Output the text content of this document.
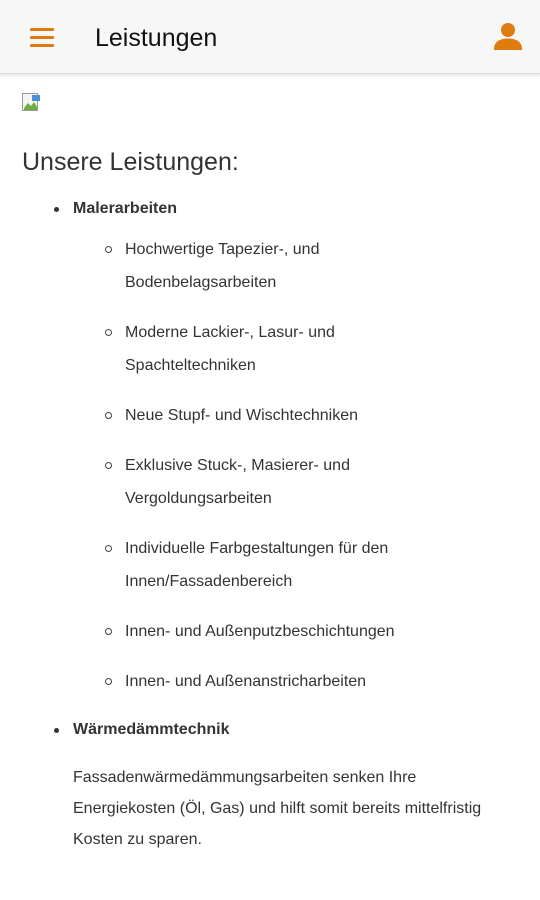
Leistungen
Unsere Leistungen:
Malerarbeiten
Hochwertige Tapezier-, und Bodenbelagsarbeiten
Moderne Lackier-, Lasur- und Spachteltechniken
Neue Stupf- und Wischtechniken
Exklusive Stuck-, Masierer- und Vergoldungsarbeiten
Individuelle Farbgestaltungen für den Innen/Fassadenbereich
Innen- und Außenputzbeschichtungen
Innen- und Außenanstricharbeiten
Wärmedämmtechnik

Fassadenwärmedämmungsarbeiten senken Ihre Energiekosten (Öl, Gas) und hilft somit bereits mittelfristig Kosten zu sparen.
